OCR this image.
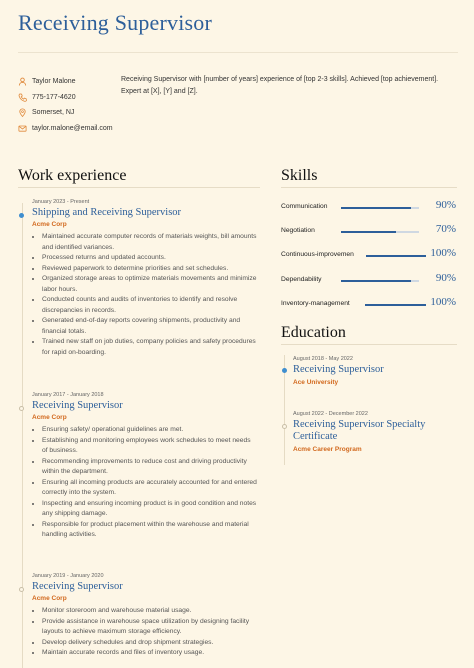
Receiving Supervisor
Taylor Malone
775-177-4620
Somerset, NJ
taylor.malone@email.com
Receiving Supervisor with [number of years] experience of [top 2-3 skills]. Achieved [top achievement]. Expert at [X], [Y] and [Z].
Work experience
January 2023 - Present
Shipping and Receiving Supervisor
Acme Corp
• Maintained accurate computer records of materials weights, bill amounts and identified variances.
• Processed returns and updated accounts.
• Reviewed paperwork to determine priorities and set schedules.
• Organized storage areas to optimize materials movements and minimize labor hours.
• Conducted counts and audits of inventories to identify and resolve discrepancies in records.
• Generated end-of-day reports covering shipments, productivity and financial totals.
• Trained new staff on job duties, company policies and safety procedures for rapid on-boarding.
January 2017 - January 2018
Receiving Supervisor
Acme Corp
• Ensuring safety/ operational guidelines are met.
• Establishing and monitoring employees work schedules to meet needs of business.
• Recommending improvements to reduce cost and driving productivity within the department.
• Ensuring all incoming products are accurately accounted for and entered correctly into the system.
• Inspecting and ensuring incoming product is in good condition and notes any shipping damage.
• Responsible for product placement within the warehouse and material handling activities.
January 2019 - January 2020
Receiving Supervisor
Acme Corp
• Monitor storeroom and warehouse material usage.
• Provide assistance in warehouse space utilization by designing facility layouts to achieve maximum storage efficiency.
• Develop delivery schedules and drop shipment strategies.
• Maintain accurate records and files of inventory usage.
Skills
Communication	90%
Negotiation	70%
Continuous-improvemen	100%
Dependability	90%
Inventory-management	100%
Education
August 2018 - May 2022
Receiving Supervisor
Ace University
August 2022 - December 2022
Receiving Supervisor Specialty Certificate
Acme Career Program
